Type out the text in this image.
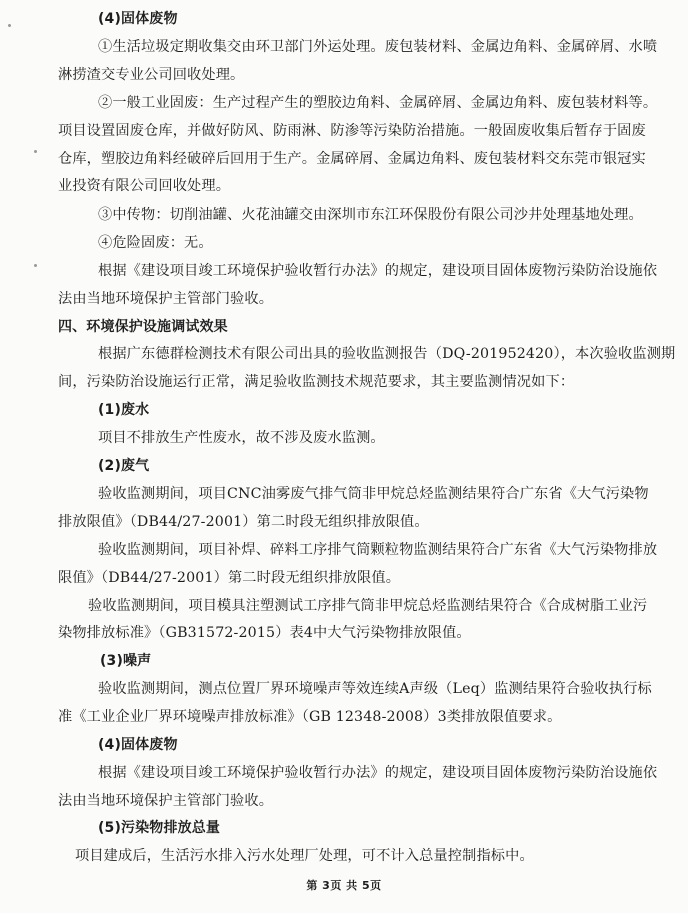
(4)固体废物
①生活垃圾定期收集交由环卫部门外运处理。废包装材料、金属边角料、金属碎屑、水喷
淋捞渣交专业公司回收处理。
②一般工业固废：生产过程产生的塑胶边角料、金属碎屑、金属边角料、废包装材料等。
项目设置固废仓库，并做好防风、防雨淋、防渗等污染防治措施。一般固废收集后暂存于固废
仓库，塑胶边角料经破碎后回用于生产。金属碎屑、金属边角料、废包装材料交东莞市银冠实
业投资有限公司回收处理。
③中传物：切削油罐、火花油罐交由深圳市东江环保股份有限公司沙井处理基地处理。
④危险固废：无。
根据《建设项目竣工环境保护验收暂行办法》的规定，建设项目固体废物污染防治设施依
法由当地环境保护主管部门验收。
四、环境保护设施调试效果
根据广东德群检测技术有限公司出具的验收监测报告（DQ-201952420），本次验收监测期
间，污染防治设施运行正常，满足验收监测技术规范要求，其主要监测情况如下：
(1)废水
项目不排放生产性废水，故不涉及废水监测。
(2)废气
验收监测期间，项目CNC油雾废气排气筒非甲烷总烃监测结果符合广东省《大气污染物
排放限值》（DB44/27-2001）第二时段无组织排放限值。
验收监测期间，项目补焊、碎料工序排气筒颗粒物监测结果符合广东省《大气污染物排放
限值》（DB44/27-2001）第二时段无组织排放限值。
验收监测期间，项目模具注塑测试工序排气筒非甲烷总烃监测结果符合《合成树脂工业污
染物排放标准》（GB31572-2015）表4中大气污染物排放限值。
(3)噪声
验收监测期间，测点位置厂界环境噪声等效连续A声级（Leq）监测结果符合验收执行标
准《工业企业厂界环境噪声排放标准》（GB 12348-2008）3类排放限值要求。
(4)固体废物
根据《建设项目竣工环境保护验收暂行办法》的规定，建设项目固体废物污染防治设施依
法由当地环境保护主管部门验收。
(5)污染物排放总量
项目建成后，生活污水排入污水处理厂处理，可不计入总量控制指标中。
第 3页 共 5页
